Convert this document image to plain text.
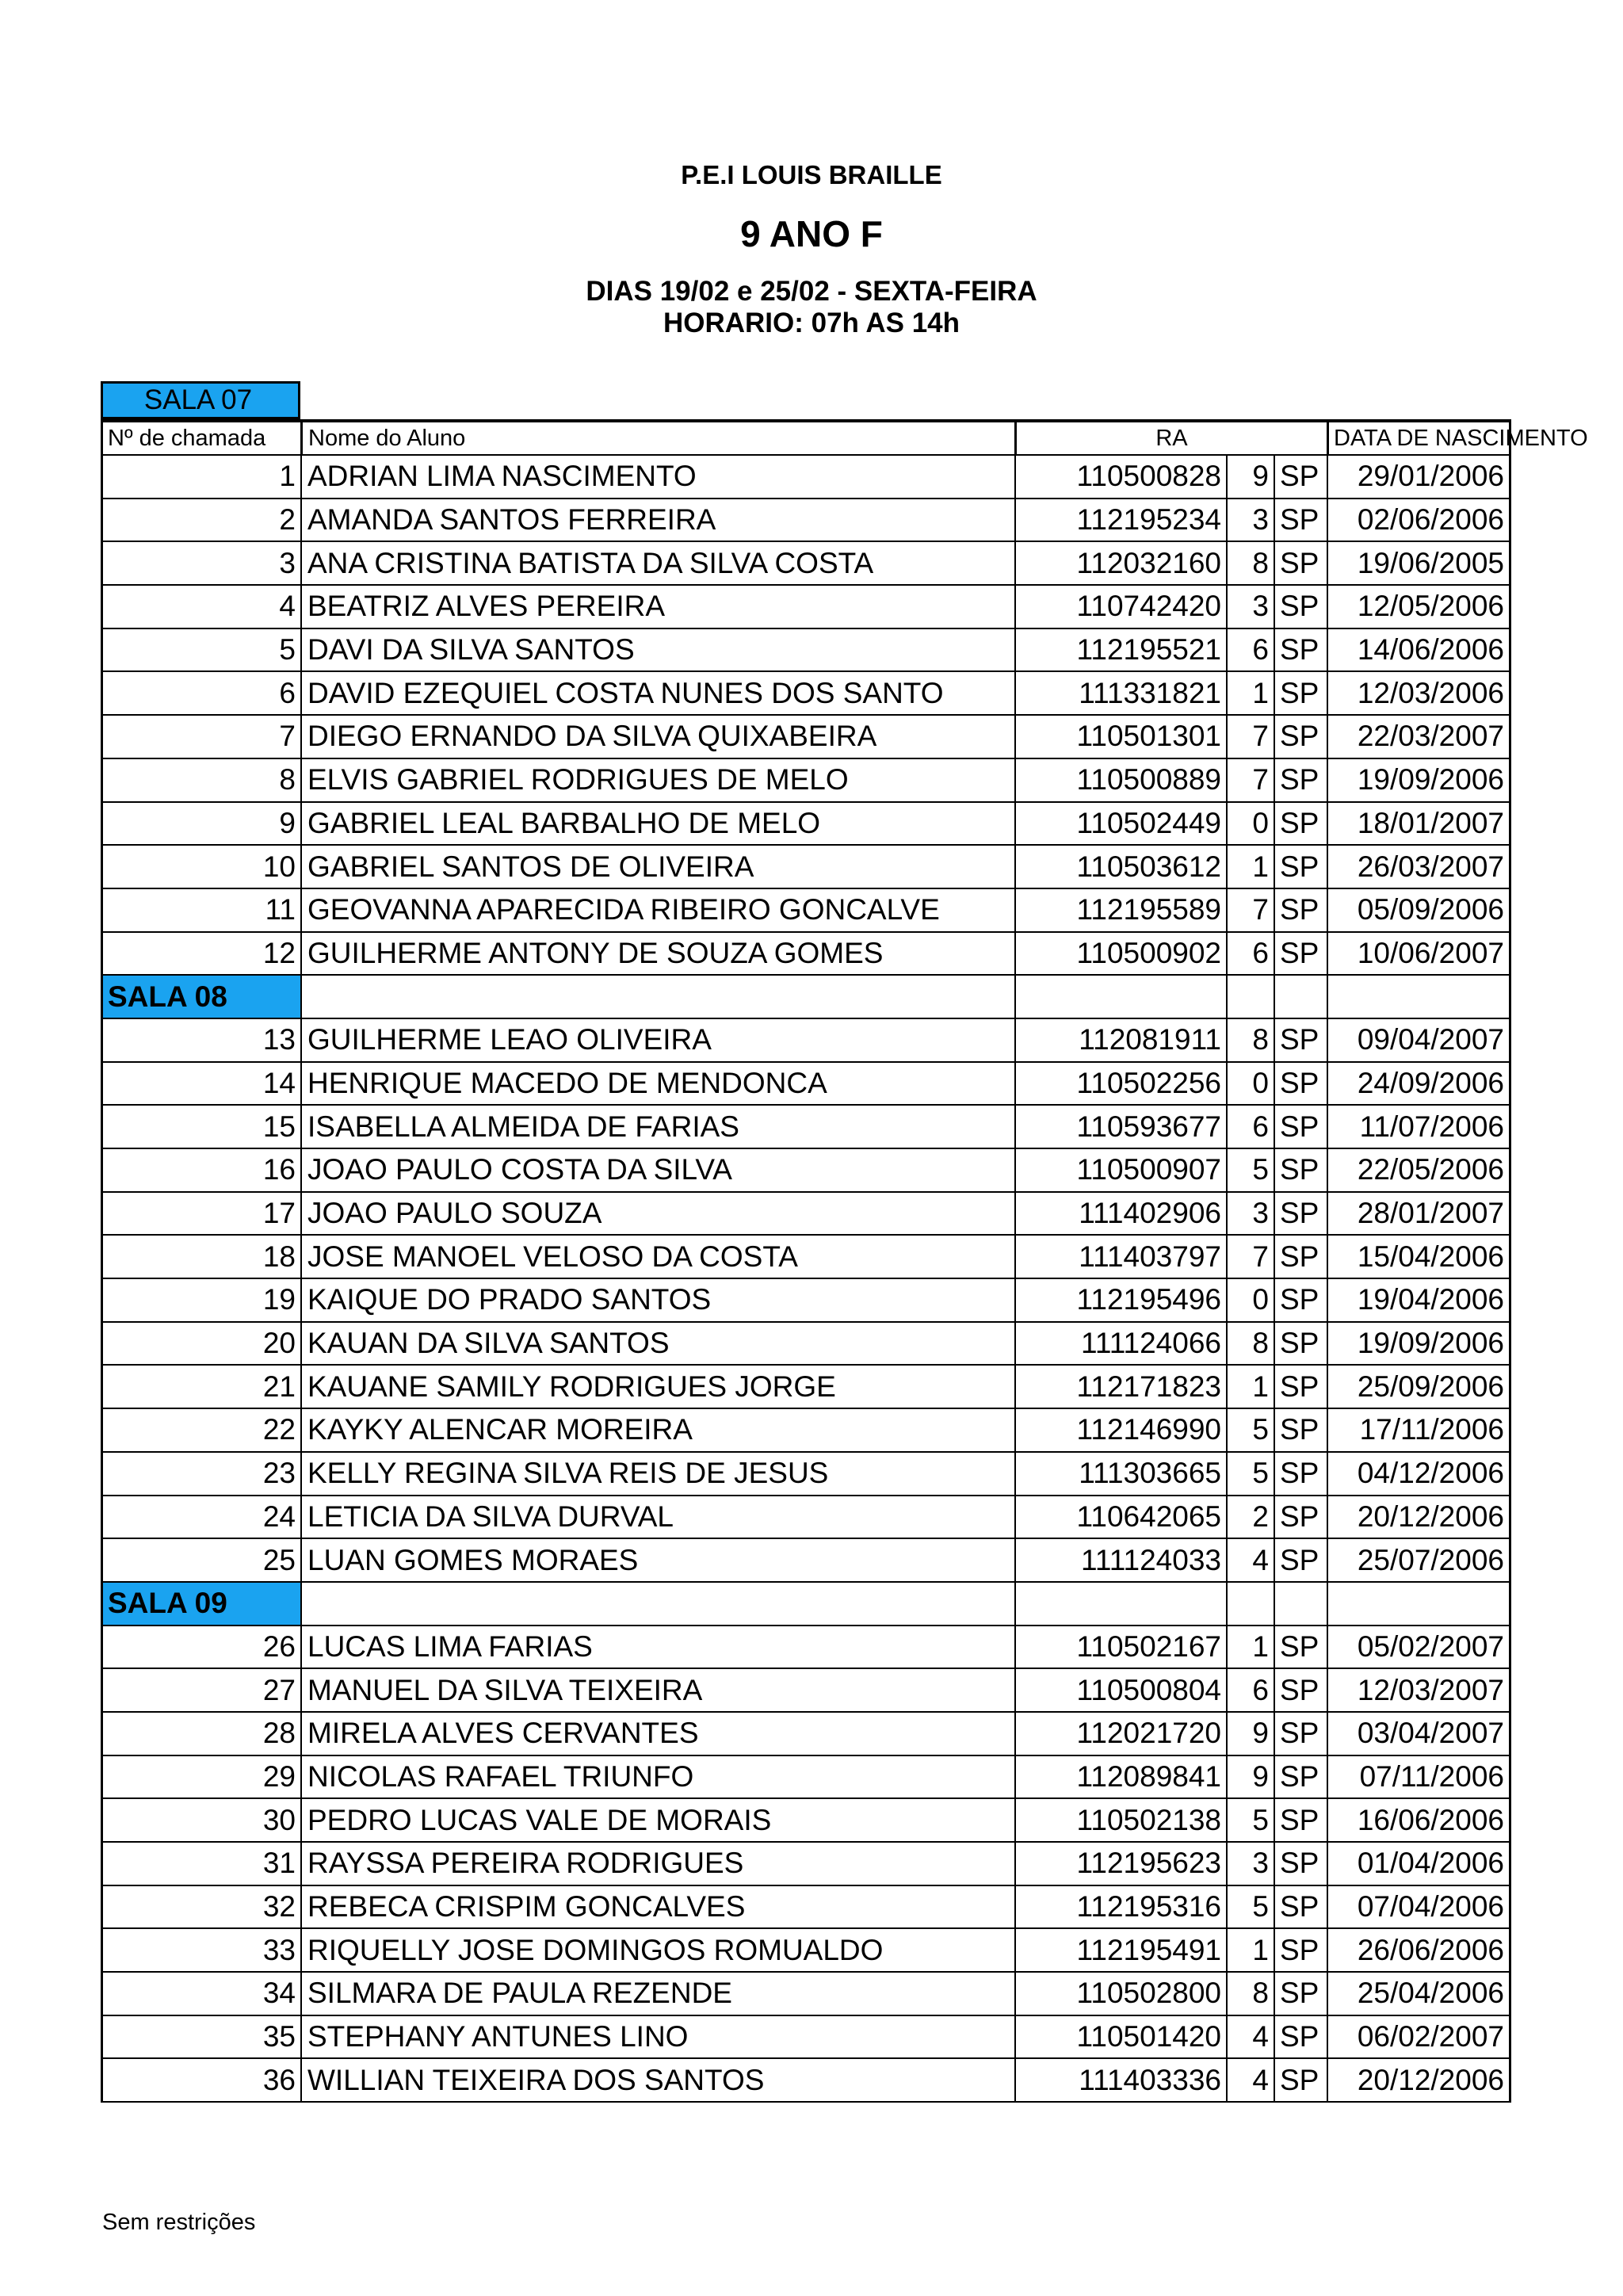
P.E.I LOUIS BRAILLE
9 ANO F
DIAS 19/02 e 25/02 - SEXTA-FEIRA
HORARIO: 07h AS 14h
SALA 07
Nº de chamada	Nome do Aluno	RA	DATA DE NASCIMENTO
1 ADRIAN LIMA NASCIMENTO	110500828	9 SP	29/01/2006
2 AMANDA SANTOS FERREIRA	112195234	3 SP	02/06/2006
3 ANA CRISTINA BATISTA DA SILVA COSTA	112032160	8 SP	19/06/2005
4 BEATRIZ ALVES PEREIRA	110742420	3 SP	12/05/2006
5 DAVI DA SILVA SANTOS	112195521	6 SP	14/06/2006
6 DAVID EZEQUIEL COSTA NUNES DOS SANTO	111331821	1 SP	12/03/2006
7 DIEGO ERNANDO DA SILVA QUIXABEIRA	110501301	7 SP	22/03/2007
8 ELVIS GABRIEL RODRIGUES DE MELO	110500889	7 SP	19/09/2006
9 GABRIEL LEAL BARBALHO DE MELO	110502449	0 SP	18/01/2007
10 GABRIEL SANTOS DE OLIVEIRA	110503612	1 SP	26/03/2007
11 GEOVANNA APARECIDA RIBEIRO GONCALVE	112195589	7 SP	05/09/2006
12 GUILHERME ANTONY DE SOUZA GOMES	110500902	6 SP	10/06/2007
SALA 08
13 GUILHERME LEAO OLIVEIRA	112081911	8 SP	09/04/2007
14 HENRIQUE MACEDO DE MENDONCA	110502256	0 SP	24/09/2006
15 ISABELLA ALMEIDA DE FARIAS	110593677	6 SP	11/07/2006
16 JOAO PAULO COSTA DA SILVA	110500907	5 SP	22/05/2006
17 JOAO PAULO SOUZA	111402906	3 SP	28/01/2007
18 JOSE MANOEL VELOSO DA COSTA	111403797	7 SP	15/04/2006
19 KAIQUE DO PRADO SANTOS	112195496	0 SP	19/04/2006
20 KAUAN DA SILVA SANTOS	111124066	8 SP	19/09/2006
21 KAUANE SAMILY RODRIGUES JORGE	112171823	1 SP	25/09/2006
22 KAYKY ALENCAR MOREIRA	112146990	5 SP	17/11/2006
23 KELLY REGINA SILVA REIS DE JESUS	111303665	5 SP	04/12/2006
24 LETICIA DA SILVA DURVAL	110642065	2 SP	20/12/2006
25 LUAN GOMES MORAES	111124033	4 SP	25/07/2006
SALA 09
26 LUCAS LIMA FARIAS	110502167	1 SP	05/02/2007
27 MANUEL DA SILVA TEIXEIRA	110500804	6 SP	12/03/2007
28 MIRELA ALVES CERVANTES	112021720	9 SP	03/04/2007
29 NICOLAS RAFAEL TRIUNFO	112089841	9 SP	07/11/2006
30 PEDRO LUCAS VALE DE MORAIS	110502138	5 SP	16/06/2006
31 RAYSSA PEREIRA RODRIGUES	112195623	3 SP	01/04/2006
32 REBECA CRISPIM GONCALVES	112195316	5 SP	07/04/2006
33 RIQUELLY JOSE DOMINGOS ROMUALDO	112195491	1 SP	26/06/2006
34 SILMARA DE PAULA REZENDE	110502800	8 SP	25/04/2006
35 STEPHANY ANTUNES LINO	110501420	4 SP	06/02/2007
36 WILLIAN TEIXEIRA DOS SANTOS	111403336	4 SP	20/12/2006
Sem restrições
